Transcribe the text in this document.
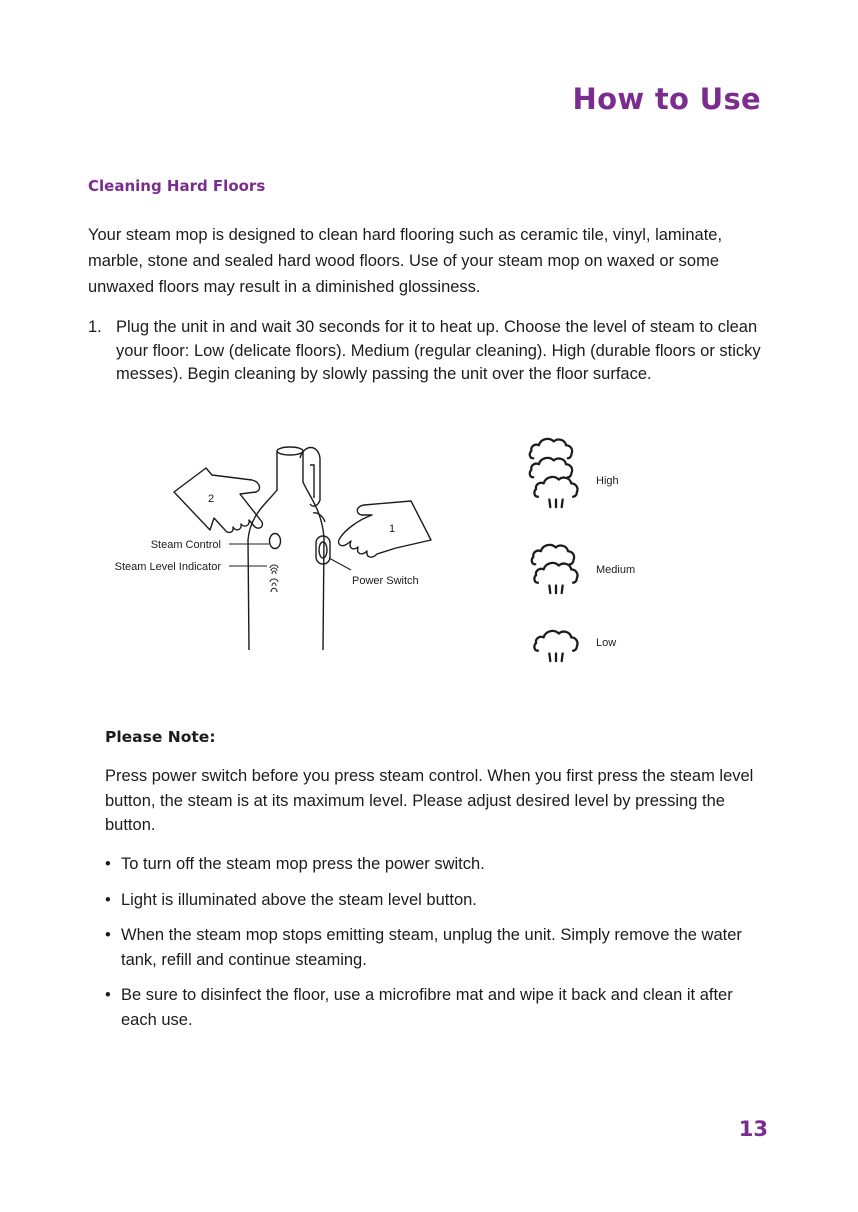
How to Use
Cleaning Hard Floors

Your steam mop is designed to clean hard flooring such as ceramic tile, vinyl, laminate, marble, stone and sealed hard wood floors. Use of your steam mop on waxed or some unwaxed floors may result in a diminished glossiness.

1. Plug the unit in and wait 30 seconds for it to heat up. Choose the level of steam to clean your floor: Low (delicate floors). Medium (regular cleaning). High (durable floors or sticky messes). Begin cleaning by slowly passing the unit over the floor surface.

2
1
Steam Control
Steam Level Indicator
Power Switch
High
Medium
Low
Please Note:

Press power switch before you press steam control. When you first press the steam level button, the steam is at its maximum level. Please adjust desired level by pressing the button.

• To turn off the steam mop press the power switch.
• Light is illuminated above the steam level button.
• When the steam mop stops emitting steam, unplug the unit. Simply remove the water tank, refill and continue steaming.
• Be sure to disinfect the floor, use a microfibre mat and wipe it back and clean it after each use.
13
